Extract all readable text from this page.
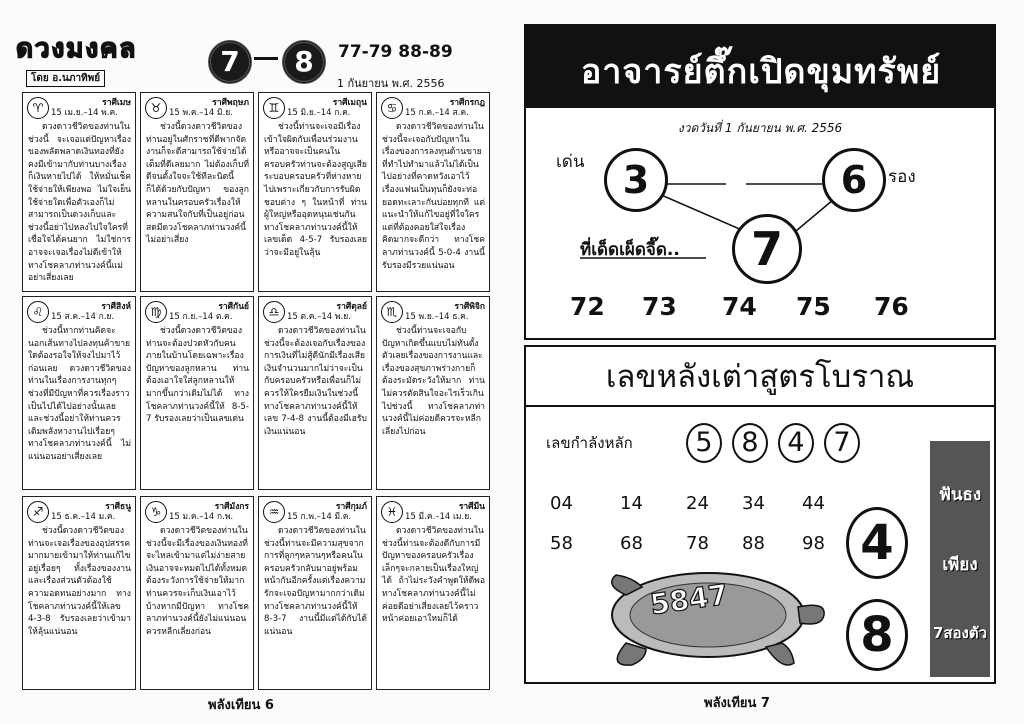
ดวงมงคล
โดย อ.นภาทิพย์
7	8	77-79 88-89
1 กันยายน พ.ศ. 2556
♈	ราศีเมษ
15 เม.ย.–14 พ.ค.
ดวงดาวชีวิตของท่านในช่วงนี้ จะเจอแต่ปัญหาเรื่องของพลัดพลาดเงินทองที่ยังคงมีเข้ามากับท่านบางเรื่องก็เงินหายไปได้ ให้หมั่นเช็คใช้จ่ายให้เพียงพอ ไม่ใจเย็นใช้จ่ายใดเพื่อตัวเองก็ไม่สามารถเป็นดวงเก็บและช่วงนี้อย่าไปหลงไปใจใครที่เชื่อใจได้คนยาก ไม่ใช่การอาจจะเจอเรื่องไม่ดีเข้าให้ทางโชคลาภท่านวงค์นี้แม่อย่าเสี่ยงเลย
♉	ราศีพฤษภ
15 พ.ค.–14 มิ.ย.
ช่วงนี้ดวงดาวชีวิตของท่านอยู่ในศักราชที่ดีพากจัดงานก็จะดีสามารถใช้จ่ายได้เต็มที่ดีเลยมาก ไม่ต้องเก็บที่ดีจนตั้งใจจะใช้ทีละนิดนี้ก็ได้ด้วยกับปัญหา ของลูกหลานในครอบครัวเรื่องให้ความสนใจกับที่เป็นอยู่ก่อนสดมีดวงโชคลาภท่านวงค์นี้ไม่อย่าเสี่ยง
♊	ราศีเมถุน
15 มิ.ย.–14 ก.ค.
ช่วงนี้ท่านจะเจอมีเรื่องเข้าใจผิดกับเพื่อนร่วมงานหรืออาจจะเป็นคนในครอบครัวท่านจะต้องสูญเสียระบอบครอบครัวที่ห่างหายไปเพราะเกี่ยวกับการรับผิดชอบต่าง ๆ ในหน้าที่ ท่านผู้ใหญ่หรืออุดหนุนเช่นกัน ทางโชคลาภท่านวงค์นี้ให้เลขเด็ด 4-5-7 รับรองเลยว่าจะมีอยู่ในลุ้น
♋	ราศีกรกฎ
15 ก.ค.–14 ส.ค.
ดวงดาวชีวิตของท่านในช่วงนี้จะเจอกับปัญหาในเรื่องของการลงทุนด้านขายที่ทำไปทำมาแล้วไม่ได้เป็นไปอย่างที่คาดหวังเอาไว้ เรื่องแฟนเป็นทุนก็ยังจะท่อยอดทะเลาะกันบ่อยทุกที แต่แนะนำให้แก้ไขอยู่ที่ใจใครแต่ที่ต้องคอยใส่ใจเรื่องคิดมากจะดีกว่า ทางโชคลาภท่านวงค์นี้ 5-0-4 งานนี้รับรองมีรวยแน่นอน
♌	ราศีสิงห์
15 ส.ค.–14 ก.ย.
ช่วงนี้หากท่านคิดจะนอกเส้นทางไปลงทุนค้าขายใดต้องรอใจให้จงไปมาไว้ก่อนเลย ดวงดาวชีวิตของท่านในเรื่องการงานทุกๆช่วงที่มีปัญหาที่ควรเรื่องราวเป็นไปได้ไปอย่างนั้นเลยและช่วงนี้อย่าให้ท่านควรเติมพลังหางานไปเรื่อยๆ ทางโชคลาภท่านวงค์นี้ ไม่แน่นอนอย่าเสี่ยงเลย
♍	ราศีกันย์
15 ก.ย.–14 ต.ค.
ช่วงนี้ดวงดาวชีวิตของท่านจะต้องปวดหัวกับคนภายในบ้านโดยเฉพาะเรื่องปัญหาของลูกหลาน ท่านต้องเอาใจใส่ลูกหลานให้มากขึ้นกว่าเดิมไม่ได้ ทางโชคลาภท่านวงค์นี้ให้ 8-5-7 รับรองเลยว่าเป็นเลขเด่น
♎	ราศีตุลย์
15 ต.ค.–14 พ.ย.
ดวงดาวชีวิตของท่านในช่วงนี้จะต้องเจอกับเรื่องของการเงินที่ไม่สู้ดีนักมีเรื่องเสียเงินจำนวนมากไม่ว่าจะเป็นกับครอบครัวหรือเพื่อนก็ไม่ควรให้ใครยืมเงินในช่วงนี้ ทางโชคลาภท่านวงค์นี้ให้เลข 7-4-8 งานนี้ต้องมีเฮรับเงินแน่นอน
♏	ราศีพิจิก
15 พ.ย.–14 ธ.ค.
ช่วงนี้ท่านจะเจอกับปัญหาเกิดขึ้นแบบไม่ทันตั้งตัวเลยเรื่องของการงานและเรื่องของสุขภาพร่างกายก็ต้องระมัดระวังให้มาก ท่านไม่ควรตัดสินใจอะไรเร็วเกินไปช่วงนี้ ทางโชคลาภท่านวงค์นี้ไม่ค่อยดีควรจะหลีกเลี่ยงไปก่อน
♐	ราศีธนู
15 ธ.ค.–14 ม.ค.
ช่วงนี้ดวงดาวชีวิตของท่านจะเจอเรื่องของอุปสรรคมากมายเข้ามาให้ท่านแก้ไขอยู่เรื่อยๆ ทั้งเรื่องของงานและเรื่องส่วนตัวต้องใช้ความอดทนอย่างมาก ทางโชคลาภท่านวงค์นี้ให้เลข 4-3-8 รับรองเลยว่าเข้ามาให้ลุ้นแน่นอน
♑	ราศีมังกร
15 ม.ค.–14 ก.พ.
ดวงดาวชีวิตของท่านในช่วงนี้จะมีเรื่องของเงินทองที่จะไหลเข้ามาแต่ไม่ง่ายสายเงินอาจจะหมดไปได้ทั้งหมดต้องระวังการใช้จ่ายให้มากท่านควรจะเก็บเงินเอาไว้บ้างหากมีปัญหา ทางโชคลาภท่านวงค์นี้ยังไม่แน่นอนควรหลีกเลี่ยงก่อน
♒	ราศีกุมภ์
15 ก.พ.–14 มี.ค.
ดวงดาวชีวิตของท่านในช่วงนี้ท่านจะมีความสุขจากการที่ลูกๆหลานๆหรือคนในครอบครัวกลับมาอยู่พร้อมหน้ากันอีกครั้งแต่เรื่องความรักจะเจอปัญหามากกว่าเดิม ทางโชคลาภท่านวงค์นี้ให้ 8-3-7 งานนี้มีแต่ได้กับได้แน่นอน
♓	ราศีมีน
15 มี.ค.–14 เม.ย.
ดวงดาวชีวิตของท่านในช่วงนี้ท่านจะต้องดีกับการมีปัญหาของครอบครัวเรื่องเล็กๆจะกลายเป็นเรื่องใหญ่ได้ ถ้าไม่ระวังคำพูดให้ดีพอทางโชคลาภท่านวงค์นี้ไม่ค่อยดีอย่าเสี่ยงเลยไว้คราวหน้าค่อยเอาใหม่ก็ได้
พลังเทียน 6
อาจารย์ตึ๊กเปิดขุมทรัพย์
งวดวันที่ 1 กันยายน พ.ศ. 2556
เด่น	3	6	รอง
7
ที่เด็ดเผ็ดจี๊ด..
72 73 74 75 76
เลขหลังเต่าสูตรโบราณ
เลขกำลังหลัก	5	8	4	7
04	14 24 34 44
58	68 78 88 98 4
8
5847
ฟันธง
เพียง
7สองตัว
พลังเทียน 7
